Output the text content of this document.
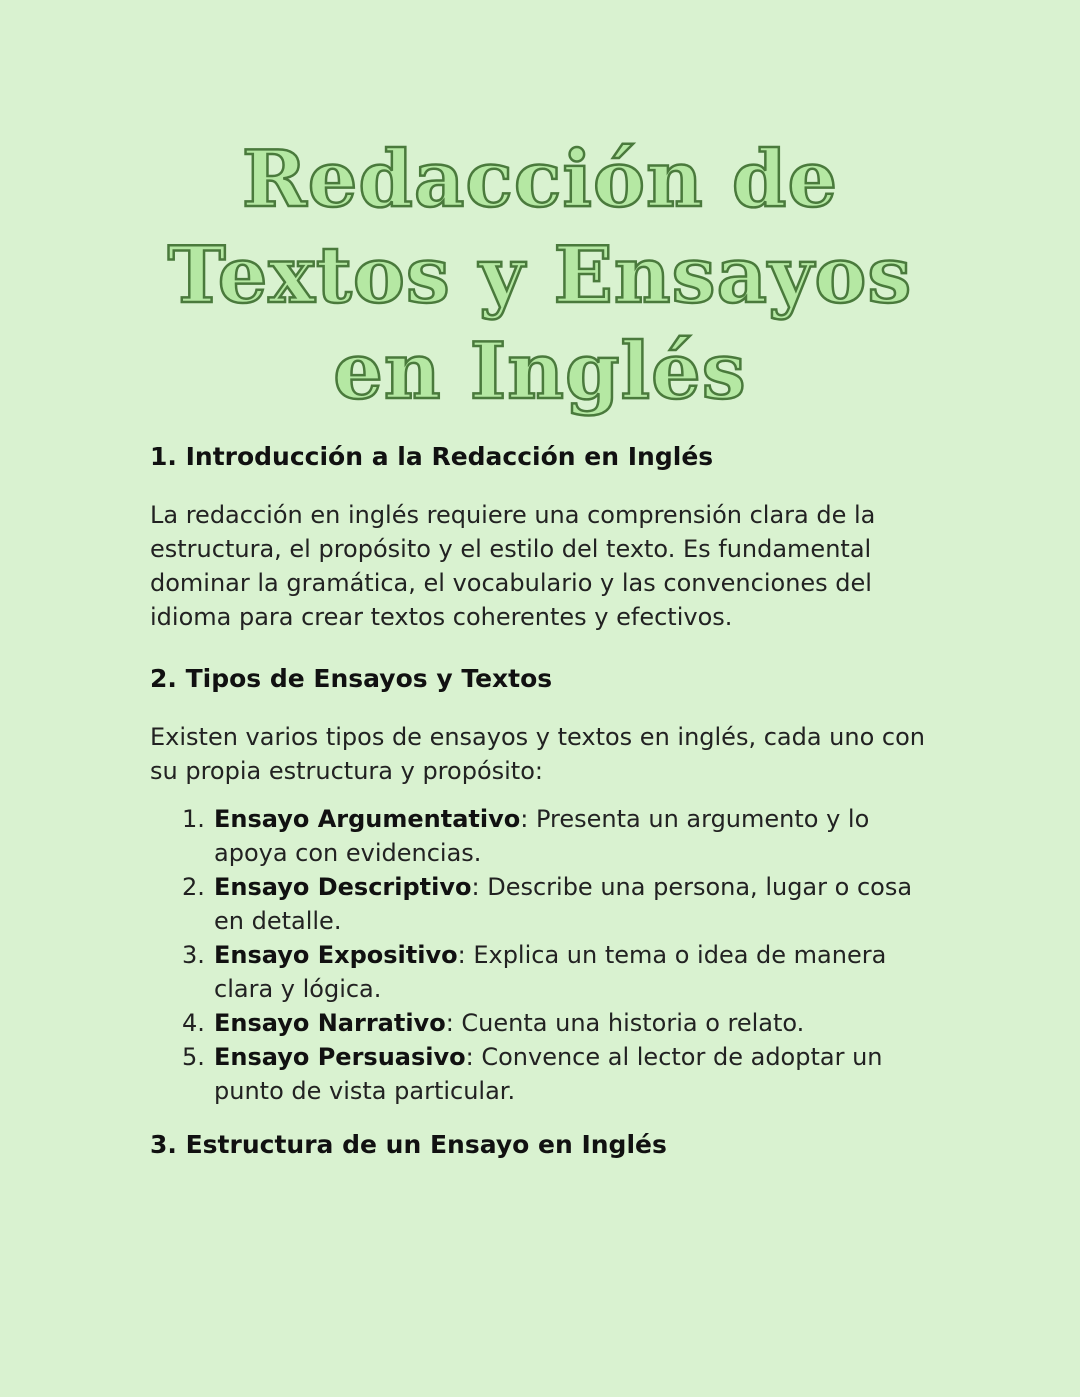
Redacción de
Textos y Ensayos
en Inglés
1. Introducción a la Redacción en Inglés

La redacción en inglés requiere una comprensión clara de la estructura, el propósito y el estilo del texto. Es fundamental dominar la gramática, el vocabulario y las convenciones del idioma para crear textos coherentes y efectivos.

2. Tipos de Ensayos y Textos

Existen varios tipos de ensayos y textos en inglés, cada uno con su propia estructura y propósito:

1. Ensayo Argumentativo: Presenta un argumento y lo apoya con evidencias.
2. Ensayo Descriptivo: Describe una persona, lugar o cosa en detalle.
3. Ensayo Expositivo: Explica un tema o idea de manera clara y lógica.
4. Ensayo Narrativo: Cuenta una historia o relato.
5. Ensayo Persuasivo: Convence al lector de adoptar un punto de vista particular.
3. Estructura de un Ensayo en Inglés
